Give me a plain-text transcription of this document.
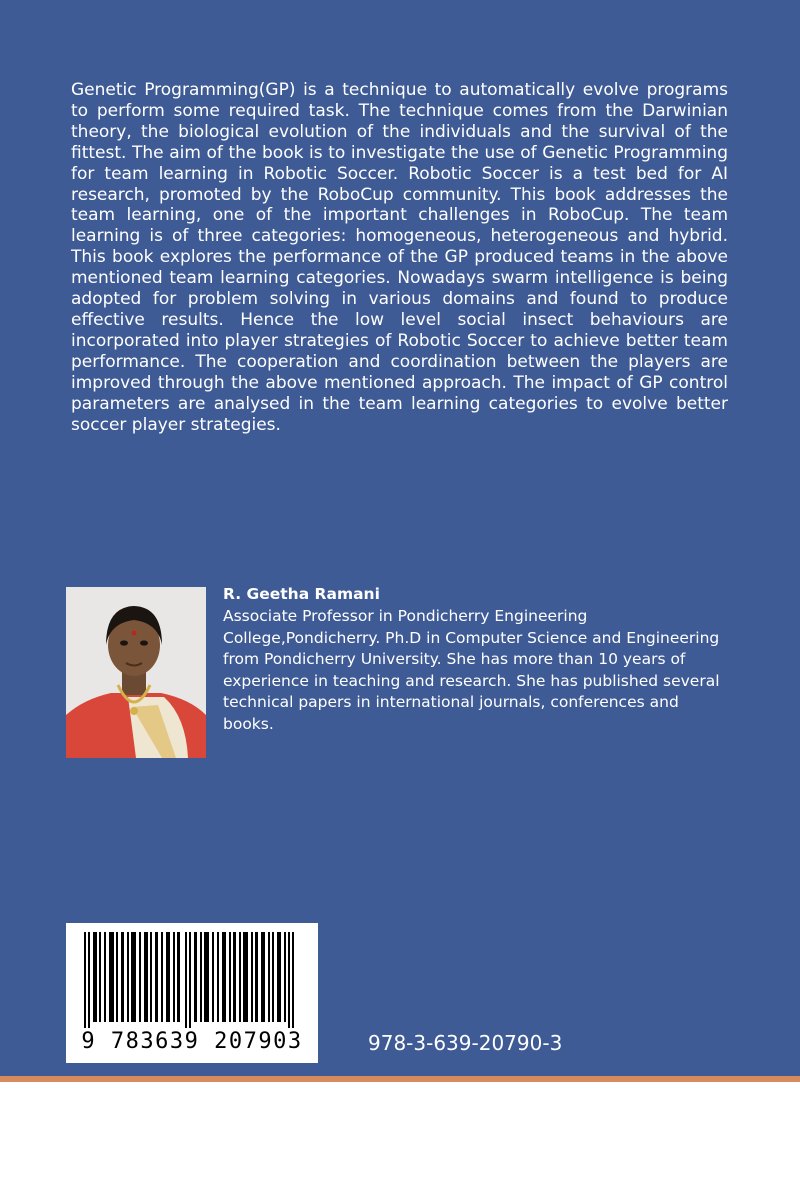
Genetic Programming(GP) is a technique to automatically evolve programs to perform some required task. The technique comes from the Darwinian theory, the biological evolution of the individuals and the survival of the fittest. The aim of the book is to investigate the use of Genetic Programming for team learning in Robotic Soccer. Robotic Soccer is a test bed for AI research, promoted by the RoboCup community. This book addresses the team learning, one of the important challenges in RoboCup. The team learning is of three categories: homogeneous, heterogeneous and hybrid. This book explores the performance of the GP produced teams in the above mentioned team learning categories. Nowadays swarm intelligence is being adopted for problem solving in various domains and found to produce effective results. Hence the low level social insect behaviours are incorporated into player strategies of Robotic Soccer to achieve better team performance. The cooperation and coordination between the players are improved through the above mentioned approach. The impact of GP control parameters are analysed in the team learning categories to evolve better soccer player strategies.

R. Geetha Ramani

Associate Professor in Pondicherry Engineering College,Pondicherry. Ph.D in Computer Science and Engineering from Pondicherry University. She has more than 10 years of experience in teaching and research. She has published several technical papers in international journals, conferences and books.

9 783639 207903	978-3-639-20790-3
